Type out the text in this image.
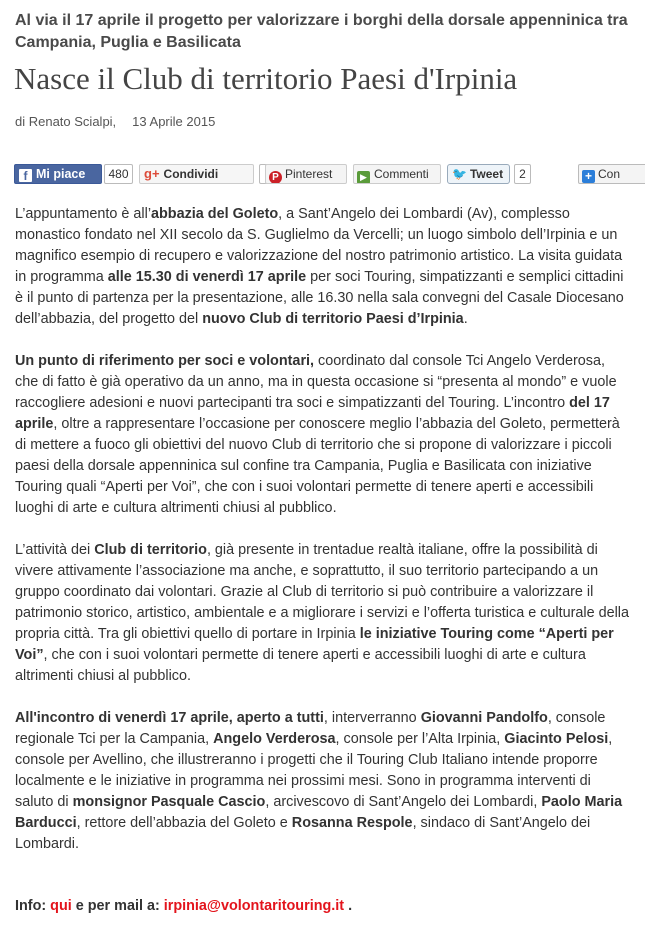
Al via il 17 aprile il progetto per valorizzare i borghi della dorsale appenninica tra Campania, Puglia e Basilicata
Nasce il Club di territorio Paesi d'Irpinia
di Renato Scialpi, 13 Aprile 2015
f Mi piace	480	g+ Condividi	P Pinterest	▶ Commenti	🐦 Tweet	2	+ Con

L’appuntamento è all’abbazia del Goleto, a Sant’Angelo dei Lombardi (Av), complesso monastico fondato nel XII secolo da S. Guglielmo da Vercelli; un luogo simbolo dell’Irpinia e un magnifico esempio di recupero e valorizzazione del nostro patrimonio artistico. La visita guidata in programma alle 15.30 di venerdì 17 aprile per soci Touring, simpatizzanti e semplici cittadini è il punto di partenza per la presentazione, alle 16.30 nella sala convegni del Casale Diocesano dell’abbazia, del progetto del nuovo Club di territorio Paesi d’Irpinia.

Un punto di riferimento per soci e volontari, coordinato dal console Tci Angelo Verderosa, che di fatto è già operativo da un anno, ma in questa occasione si “presenta al mondo” e vuole raccogliere adesioni e nuovi partecipanti tra soci e simpatizzanti del Touring. L’incontro del 17 aprile, oltre a rappresentare l’occasione per conoscere meglio l’abbazia del Goleto, permetterà di mettere a fuoco gli obiettivi del nuovo Club di territorio che si propone di valorizzare i piccoli paesi della dorsale appenninica sul confine tra Campania, Puglia e Basilicata con iniziative Touring quali “Aperti per Voi”, che con i suoi volontari permette di tenere aperti e accessibili luoghi di arte e cultura altrimenti chiusi al pubblico.

L’attività dei Club di territorio, già presente in trentadue realtà italiane, offre la possibilità di vivere attivamente l’associazione ma anche, e soprattutto, il suo territorio partecipando a un gruppo coordinato dai volontari. Grazie al Club di territorio si può contribuire a valorizzare il patrimonio storico, artistico, ambientale e a migliorare i servizi e l’offerta turistica e culturale della propria città. Tra gli obiettivi quello di portare in Irpinia le iniziative Touring come “Aperti per Voi”, che con i suoi volontari permette di tenere aperti e accessibili luoghi di arte e cultura altrimenti chiusi al pubblico.

All'incontro di venerdì 17 aprile, aperto a tutti, interverranno Giovanni Pandolfo, console regionale Tci per la Campania, Angelo Verderosa, console per l’Alta Irpinia, Giacinto Pelosi, console per Avellino, che illustreranno i progetti che il Touring Club Italiano intende proporre localmente e le iniziative in programma nei prossimi mesi. Sono in programma interventi di saluto di monsignor Pasquale Cascio, arcivescovo di Sant’Angelo dei Lombardi, Paolo Maria Barducci, rettore dell’abbazia del Goleto e Rosanna Respole, sindaco di Sant’Angelo dei Lombardi.

Info: qui e per mail a: irpinia@volontaritouring.it .
